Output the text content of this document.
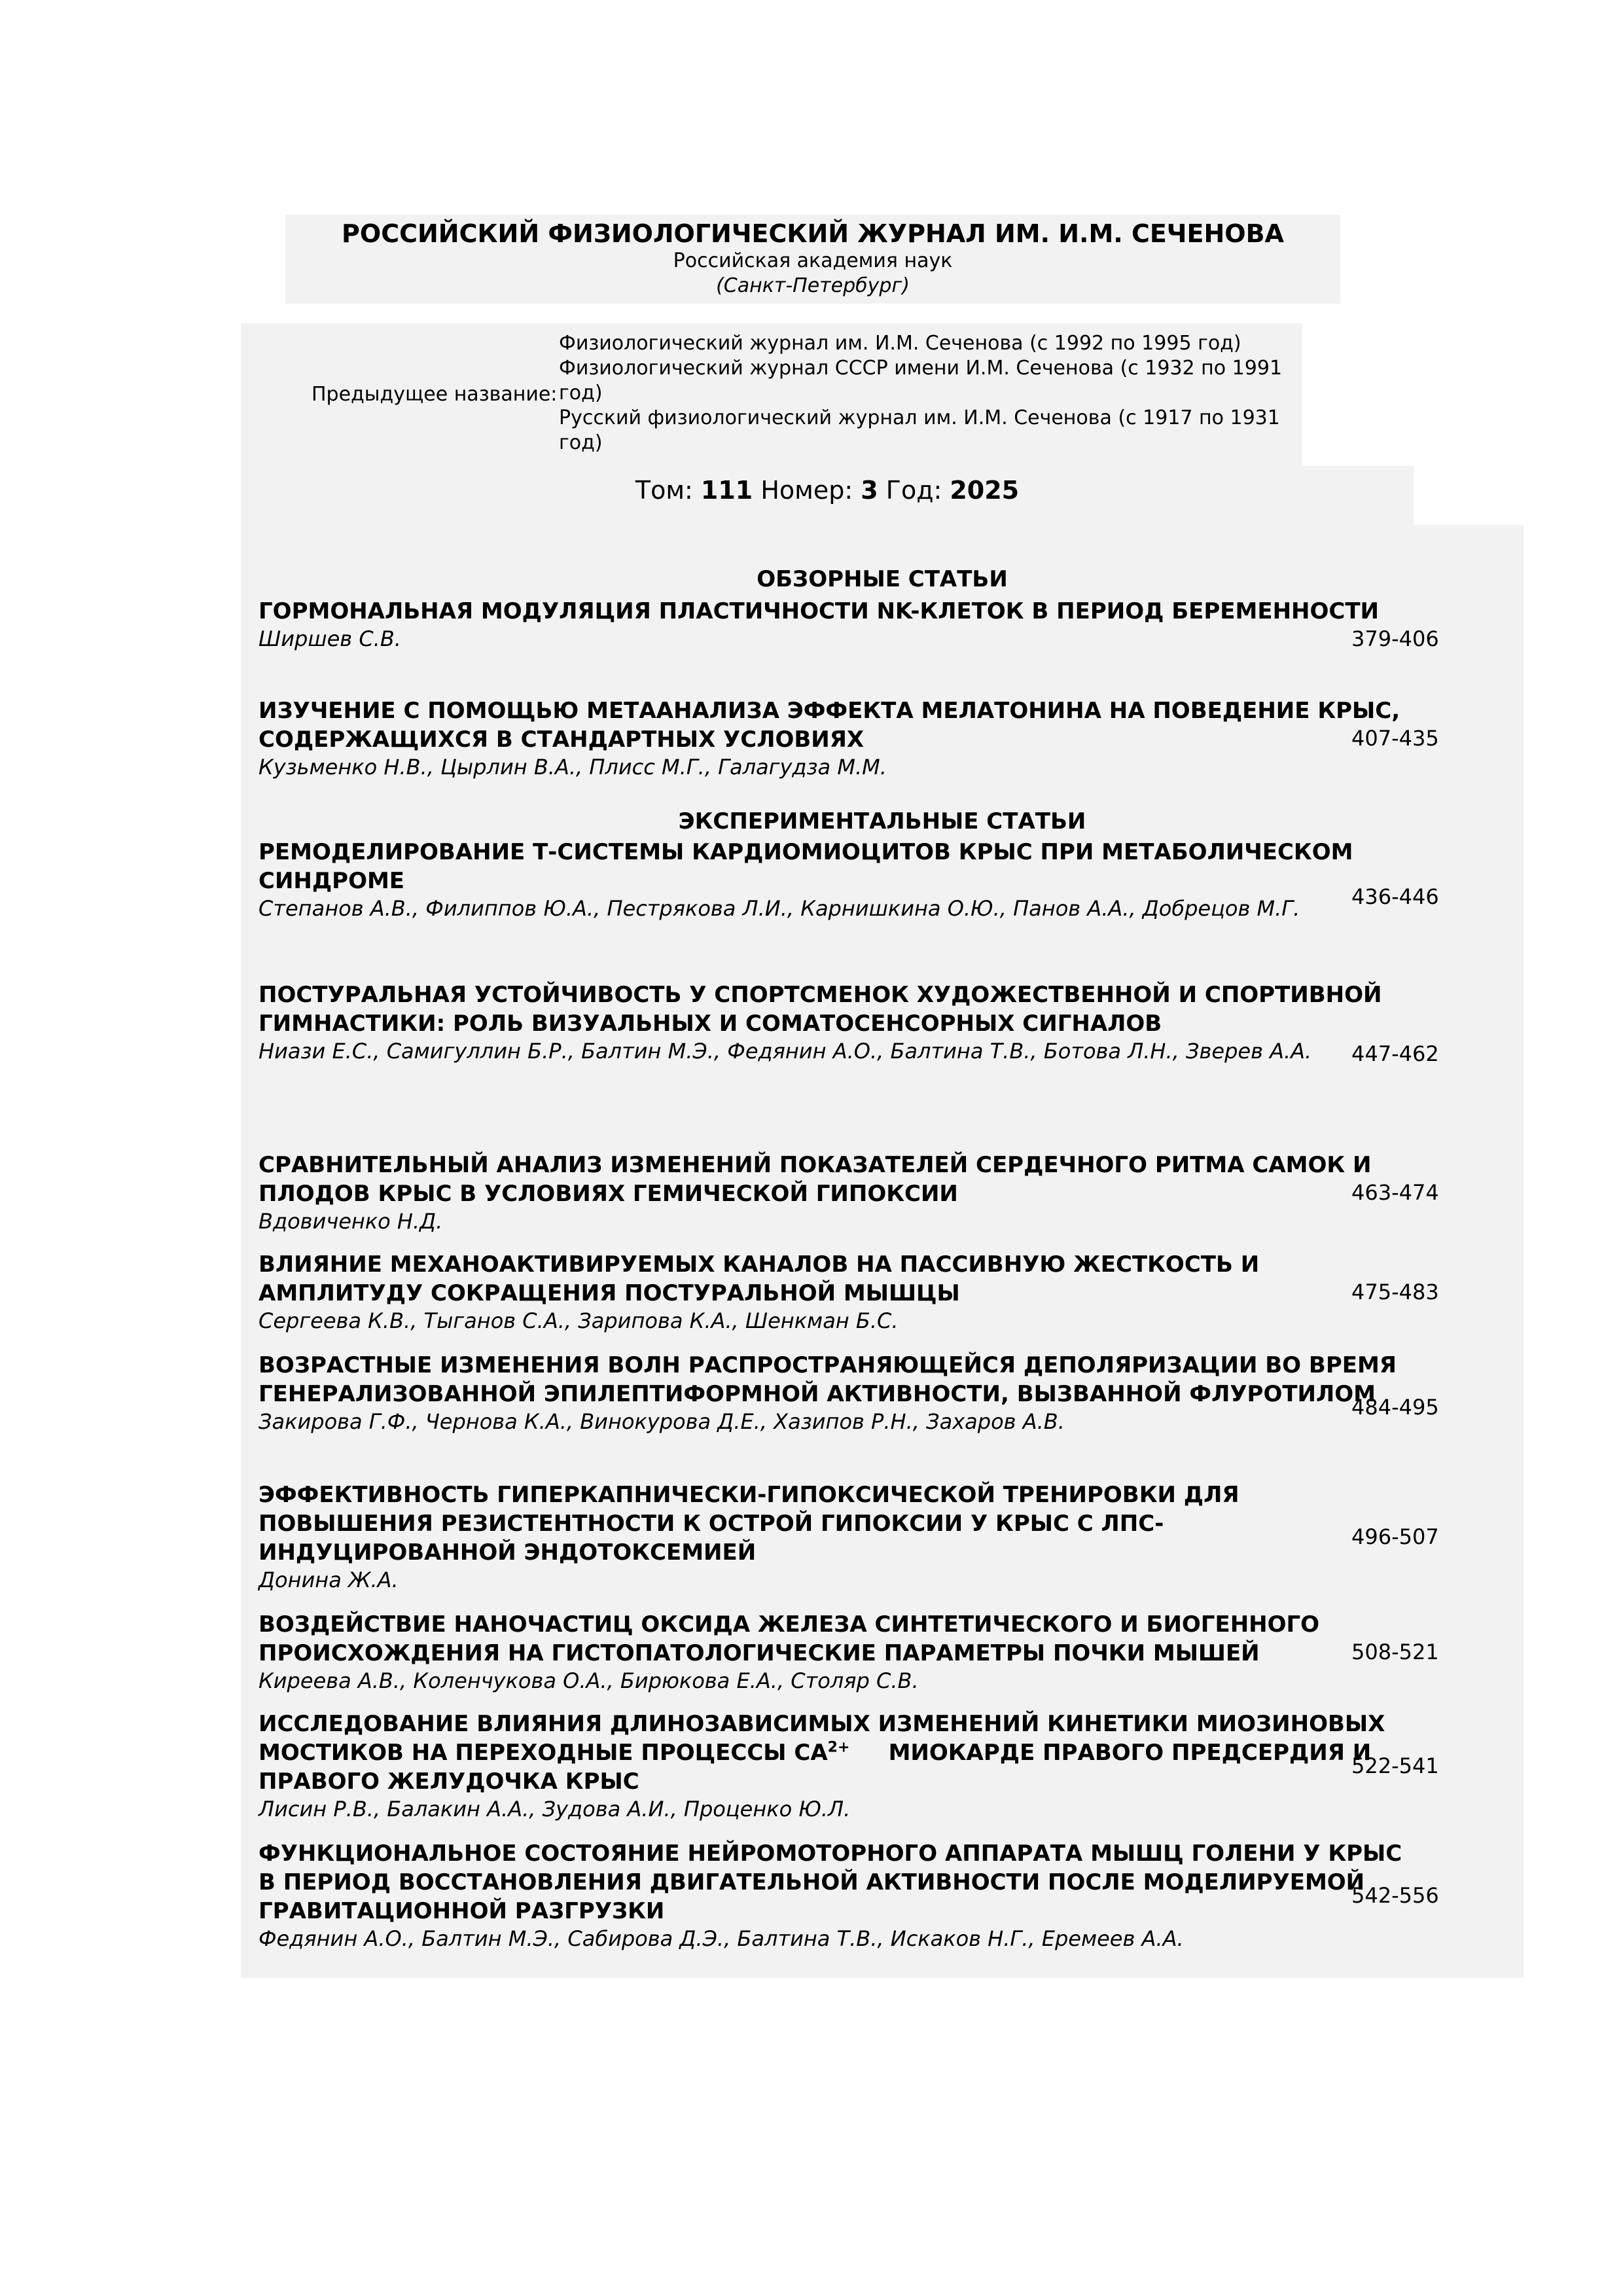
РОССИЙСКИЙ ФИЗИОЛОГИЧЕСКИЙ ЖУРНАЛ ИМ. И.М. СЕЧЕНОВА
Российская академия наук
(Санкт-Петербург)
Предыдущее название:
Физиологический журнал им. И.М. Сеченова (с 1992 по 1995 год)
Физиологический журнал СССР имени И.М. Сеченова (с 1932 по 1991 год)
Русский физиологический журнал им. И.М. Сеченова (с 1917 по 1931 год)
Том: 111 Номер: 3 Год: 2025
ОБЗОРНЫЕ СТАТЬИ
ГОРМОНАЛЬНАЯ МОДУЛЯЦИЯ ПЛАСТИЧНОСТИ NK-КЛЕТОК В ПЕРИОД БЕРЕМЕННОСТИ
Ширшев С.В.	379-406
ИЗУЧЕНИЕ С ПОМОЩЬЮ МЕТААНАЛИЗА ЭФФЕКТА МЕЛАТОНИНА НА ПОВЕДЕНИЕ КРЫС, СОДЕРЖАЩИХСЯ В СТАНДАРТНЫХ УСЛОВИЯХ
Кузьменко Н.В., Цырлин В.А., Плисс М.Г., Галагудза М.М.
407-435
ЭКСПЕРИМЕНТАЛЬНЫЕ СТАТЬИ
РЕМОДЕЛИРОВАНИЕ Т-СИСТЕМЫ КАРДИОМИОЦИТОВ КРЫС ПРИ МЕТАБОЛИЧЕСКОМ СИНДРОМЕ
Степанов А.В., Филиппов Ю.А., Пестрякова Л.И., Карнишкина О.Ю., Панов А.А., Добрецов М.Г.	436-446
ПОСТУРАЛЬНАЯ УСТОЙЧИВОСТЬ У СПОРТСМЕНОК ХУДОЖЕСТВЕННОЙ И СПОРТИВНОЙ ГИМНАСТИКИ: РОЛЬ ВИЗУАЛЬНЫХ И СОМАТОСЕНСОРНЫХ СИГНАЛОВ
Ниази Е.С., Самигуллин Б.Р., Балтин М.Э., Федянин А.О., Балтина Т.В., Ботова Л.Н., Зверев А.А.	447-462
СРАВНИТЕЛЬНЫЙ АНАЛИЗ ИЗМЕНЕНИЙ ПОКАЗАТЕЛЕЙ СЕРДЕЧНОГО РИТМА САМОК И ПЛОДОВ КРЫС В УСЛОВИЯХ ГЕМИЧЕСКОЙ ГИПОКСИИ
Вдовиченко Н.Д.
463-474
ВЛИЯНИЕ МЕХАНОАКТИВИРУЕМЫХ КАНАЛОВ НА ПАССИВНУЮ ЖЕСТКОСТЬ И АМПЛИТУДУ СОКРАЩЕНИЯ ПОСТУРАЛЬНОЙ МЫШЦЫ
Сергеева К.В., Тыганов С.А., Зарипова К.А., Шенкман Б.С.
475-483
ВОЗРАСТНЫЕ ИЗМЕНЕНИЯ ВОЛН РАСПРОСТРАНЯЮЩЕЙСЯ ДЕПОЛЯРИЗАЦИИ ВО ВРЕМЯ ГЕНЕРАЛИЗОВАННОЙ ЭПИЛЕПТИФОРМНОЙ АКТИВНОСТИ, ВЫЗВАННОЙ ФЛУРОТИЛОМ
Закирова Г.Ф., Чернова К.А., Винокурова Д.Е., Хазипов Р.Н., Захаров А.В.
484-495
ЭФФЕКТИВНОСТЬ ГИПЕРКАПНИЧЕСКИ-ГИПОКСИЧЕСКОЙ ТРЕНИРОВКИ ДЛЯ ПОВЫШЕНИЯ РЕЗИСТЕНТНОСТИ К ОСТРОЙ ГИПОКСИИ У КРЫС С ЛПС-ИНДУЦИРОВАННОЙ ЭНДОТОКСЕМИЕЙ
Донина Ж.А.
496-507
ВОЗДЕЙСТВИЕ НАНОЧАСТИЦ ОКСИДА ЖЕЛЕЗА СИНТЕТИЧЕСКОГО И БИОГЕННОГО ПРОИСХОЖДЕНИЯ НА ГИСТОПАТОЛОГИЧЕСКИЕ ПАРАМЕТРЫ ПОЧКИ МЫШЕЙ
Киреева А.В., Коленчукова О.А., Бирюкова Е.А., Столяр С.В.
508-521
ИССЛЕДОВАНИЕ ВЛИЯНИЯ ДЛИНОЗАВИСИМЫХ ИЗМЕНЕНИЙ КИНЕТИКИ МИОЗИНОВЫХ МОСТИКОВ НА ПЕРЕХОДНЫЕ ПРОЦЕССЫ $СА^{2+}$ МИОКАРДЕ ПРАВОГО ПРЕДСЕРДИЯ И ПРАВОГО ЖЕЛУДОЧКА КРЫС
Лисин Р.В., Балакин А.А., Зудова А.И., Проценко Ю.Л.
522-541
ФУНКЦИОНАЛЬНОЕ СОСТОЯНИЕ НЕЙРОМОТОРНОГО АППАРАТА МЫШЦ ГОЛЕНИ У КРЫС В ПЕРИОД ВОССТАНОВЛЕНИЯ ДВИГАТЕЛЬНОЙ АКТИВНОСТИ ПОСЛЕ МОДЕЛИРУЕМОЙ ГРАВИТАЦИОННОЙ РАЗГРУЗКИ
Федянин А.О., Балтин М.Э., Сабирова Д.Э., Балтина Т.В., Искаков Н.Г., Еремеев А.А.
542-556
